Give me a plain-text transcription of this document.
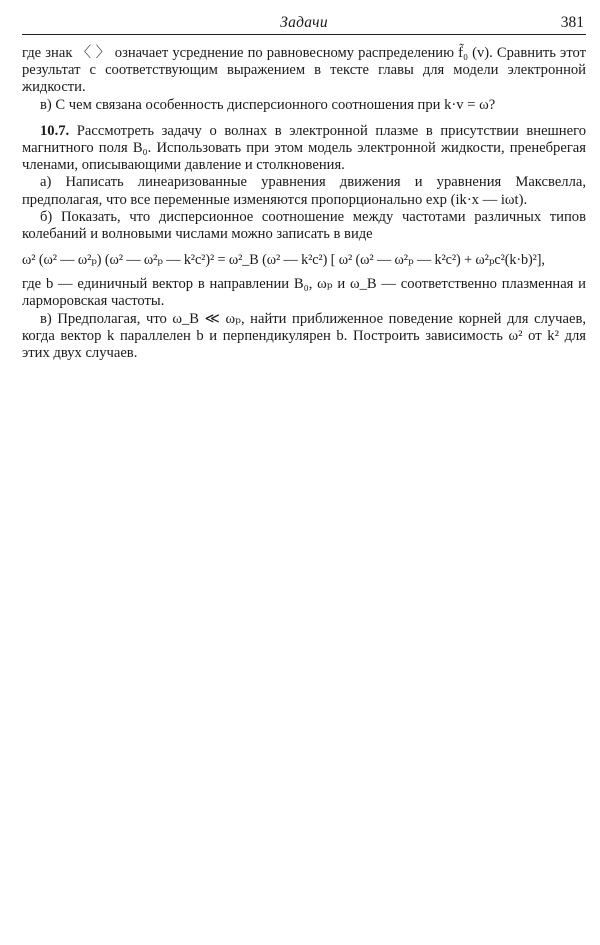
Задачи	381

где знак 〈 〉 означает усреднение по равновесному распределению f̃₀ (v). Сравнить этот результат с соответствующим выражением в тексте главы для модели электронной жидкости.

в) С чем связана особенность дисперсионного соотношения при k·v = ω?

10.7. Рассмотреть задачу о волнах в электронной плазме в присутствии внешнего магнитного поля B₀. Использовать при этом модель электронной жидкости, пренебрегая членами, описывающими давление и столкновения.

а) Написать линеаризованные уравнения движения и уравнения Максвелла, предполагая, что все переменные изменяются пропорционально exp (ik·x — iωt).

б) Показать, что дисперсионное соотношение между частотами различных типов колебаний и волновыми числами можно записать в виде

ω² (ω² — ω²ₚ) (ω² — ω²ₚ — k²c²)² = ω²_B (ω² — k²c²) [ ω² (ω² — ω²ₚ — k²c²) + ω²ₚc²(k·b)²],

где b — единичный вектор в направлении B₀, ωₚ и ω_B — соответственно плазменная и ларморовская частоты.

в) Предполагая, что ω_B ≪ ωₚ, найти приближенное поведение корней для случаев, когда вектор k параллелен b и перпендикулярен b. Построить зависимость ω² от k² для этих двух случаев.
